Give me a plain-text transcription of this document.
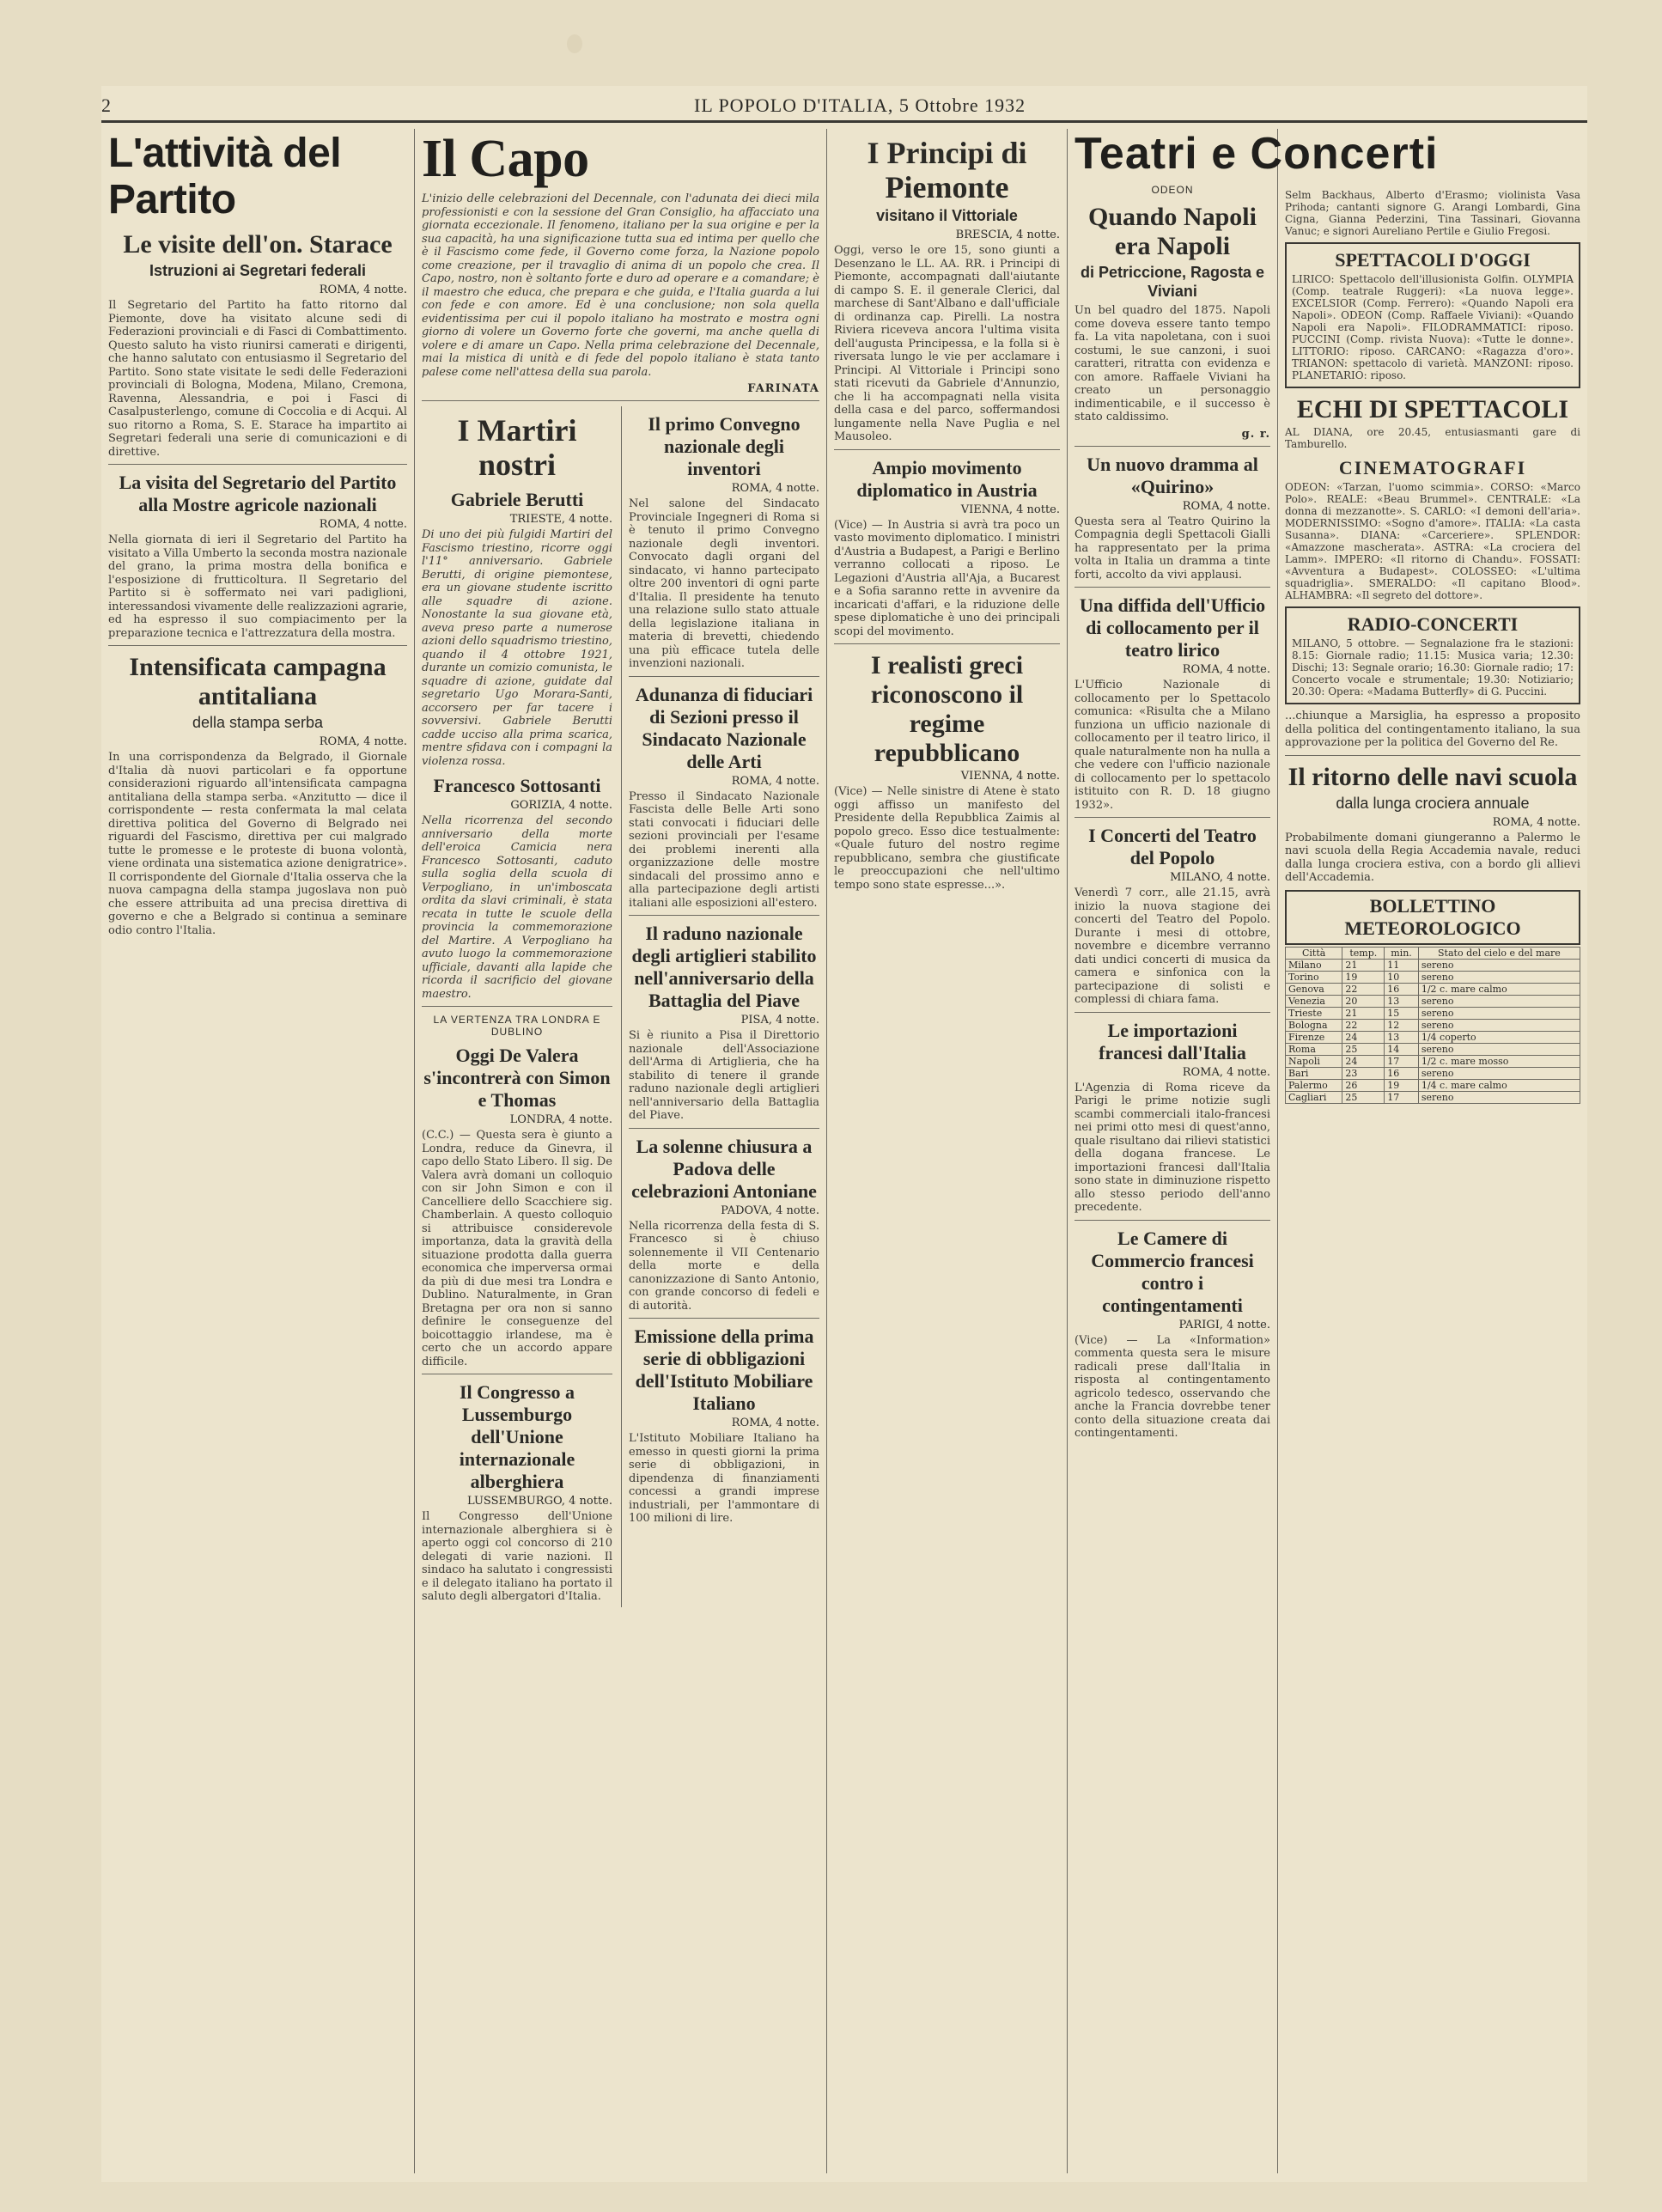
2	IL POPOLO D'ITALIA, 5 Ottobre 1932
L'attività del Partito
Le visite dell'on. Starace
Istruzioni ai Segretari federali
ROMA, 4 notte.

Il Segretario del Partito ha fatto ritorno dal Piemonte, dove ha visitato alcune sedi di Federazioni provinciali e di Fasci di Combattimento. Questo saluto ha visto riunirsi camerati e dirigenti, che hanno salutato con entusiasmo il Segretario del Partito. Sono state visitate le sedi delle Federazioni provinciali di Bologna, Modena, Milano, Cremona, Ravenna, Alessandria, e poi i Fasci di Casalpusterlengo, comune di Coccolia e di Acqui. Al suo ritorno a Roma, S. E. Starace ha impartito ai Segretari federali una serie di comunicazioni e di direttive.

La visita del Segretario del Partito alla Mostre agricole nazionali
ROMA, 4 notte.

Nella giornata di ieri il Segretario del Partito ha visitato a Villa Umberto la seconda mostra nazionale del grano, la prima mostra della bonifica e l'esposizione di frutticoltura. Il Segretario del Partito si è soffermato nei vari padiglioni, interessandosi vivamente delle realizzazioni agrarie, ed ha espresso il suo compiacimento per la preparazione tecnica e l'attrezzatura della mostra.

Intensificata campagna antitaliana
della stampa serba
ROMA, 4 notte.

In una corrispondenza da Belgrado, il Giornale d'Italia dà nuovi particolari e fa opportune considerazioni riguardo all'intensificata campagna antitaliana della stampa serba. «Anzitutto — dice il corrispondente — resta confermata la mal celata direttiva politica del Governo di Belgrado nei riguardi del Fascismo, direttiva per cui malgrado tutte le promesse e le proteste di buona volontà, viene ordinata una sistematica azione denigratrice». Il corrispondente del Giornale d'Italia osserva che la nuova campagna della stampa jugoslava non può che essere attribuita ad una precisa direttiva di governo e che a Belgrado si continua a seminare odio contro l'Italia.

Il Capo

L'inizio delle celebrazioni del Decennale, con l'adunata dei dieci mila professionisti e con la sessione del Gran Consiglio, ha affacciato una giornata eccezionale. Il fenomeno, italiano per la sua origine e per la sua capacità, ha una significazione tutta sua ed intima per quello che è il Fascismo come fede, il Governo come forza, la Nazione popolo come creazione, per il travaglio di anima di un popolo che crea. Il Capo, nostro, non è soltanto forte e duro ad operare e a comandare; è il maestro che educa, che prepara e che guida, e l'Italia guarda a lui con fede e con amore. Ed è una conclusione; non sola quella evidentissima per cui il popolo italiano ha mostrato e mostra ogni giorno di volere un Governo forte che governi, ma anche quella di volere e di amare un Capo. Nella prima celebrazione del Decennale, mai la mistica di unità e di fede del popolo italiano è stata tanto palese come nell'attesa della sua parola.

FARINATA
I Martiri nostri
Gabriele Berutti
TRIESTE, 4 notte.

Di uno dei più fulgidi Martiri del Fascismo triestino, ricorre oggi l'11° anniversario. Gabriele Berutti, di origine piemontese, era un giovane studente iscritto alle squadre di azione. Nonostante la sua giovane età, aveva preso parte a numerose azioni dello squadrismo triestino, quando il 4 ottobre 1921, durante un comizio comunista, le squadre di azione, guidate dal segretario Ugo Morara-Santi, accorsero per far tacere i sovversivi. Gabriele Berutti cadde ucciso alla prima scarica, mentre sfidava con i compagni la violenza rossa.

Francesco Sottosanti
GORIZIA, 4 notte.

Nella ricorrenza del secondo anniversario della morte dell'eroica Camicia nera Francesco Sottosanti, caduto sulla soglia della scuola di Verpogliano, in un'imboscata ordita da slavi criminali, è stata recata in tutte le scuole della provincia la commemorazione del Martire. A Verpogliano ha avuto luogo la commemorazione ufficiale, davanti alla lapide che ricorda il sacrificio del giovane maestro.

LA VERTENZA TRA LONDRA E DUBLINO
Oggi De Valera s'incontrerà con Simon e Thomas
LONDRA, 4 notte.

(C.C.) — Questa sera è giunto a Londra, reduce da Ginevra, il capo dello Stato Libero. Il sig. De Valera avrà domani un colloquio con sir John Simon e con il Cancelliere dello Scacchiere sig. Chamberlain. A questo colloquio si attribuisce considerevole importanza, data la gravità della situazione prodotta dalla guerra economica che imperversa ormai da più di due mesi tra Londra e Dublino. Naturalmente, in Gran Bretagna per ora non si sanno definire le conseguenze del boicottaggio irlandese, ma è certo che un accordo appare difficile.

Il Congresso a Lussemburgo dell'Unione internazionale alberghiera
LUSSEMBURGO, 4 notte.

Il Congresso dell'Unione internazionale alberghiera si è aperto oggi col concorso di 210 delegati di varie nazioni. Il sindaco ha salutato i congressisti e il delegato italiano ha portato il saluto degli albergatori d'Italia.

Il primo Convegno nazionale degli inventori
ROMA, 4 notte.

Nel salone del Sindacato Provinciale Ingegneri di Roma si è tenuto il primo Convegno nazionale degli inventori. Convocato dagli organi del sindacato, vi hanno partecipato oltre 200 inventori di ogni parte d'Italia. Il presidente ha tenuto una relazione sullo stato attuale della legislazione italiana in materia di brevetti, chiedendo una più efficace tutela delle invenzioni nazionali.

Adunanza di fiduciari di Sezioni presso il Sindacato Nazionale delle Arti
ROMA, 4 notte.

Presso il Sindacato Nazionale Fascista delle Belle Arti sono stati convocati i fiduciari delle sezioni provinciali per l'esame dei problemi inerenti alla organizzazione delle mostre sindacali del prossimo anno e alla partecipazione degli artisti italiani alle esposizioni all'estero.

Il raduno nazionale degli artiglieri stabilito nell'anniversario della Battaglia del Piave
PISA, 4 notte.

Si è riunito a Pisa il Direttorio nazionale dell'Associazione dell'Arma di Artiglieria, che ha stabilito di tenere il grande raduno nazionale degli artiglieri nell'anniversario della Battaglia del Piave.

La solenne chiusura a Padova delle celebrazioni Antoniane
PADOVA, 4 notte.

Nella ricorrenza della festa di S. Francesco si è chiuso solennemente il VII Centenario della morte e della canonizzazione di Santo Antonio, con grande concorso di fedeli e di autorità.

Emissione della prima serie di obbligazioni dell'Istituto Mobiliare Italiano
ROMA, 4 notte.

L'Istituto Mobiliare Italiano ha emesso in questi giorni la prima serie di obbligazioni, in dipendenza di finanziamenti concessi a grandi imprese industriali, per l'ammontare di 100 milioni di lire.

I Principi di Piemonte
visitano il Vittoriale
BRESCIA, 4 notte.

Oggi, verso le ore 15, sono giunti a Desenzano le LL. AA. RR. i Principi di Piemonte, accompagnati dall'aiutante di campo S. E. il generale Clerici, dal marchese di Sant'Albano e dall'ufficiale di ordinanza cap. Pirelli. La nostra Riviera riceveva ancora l'ultima visita dell'augusta Principessa, e la folla si è riversata lungo le vie per acclamare i Principi. Al Vittoriale i Principi sono stati ricevuti da Gabriele d'Annunzio, che li ha accompagnati nella visita della casa e del parco, soffermandosi lungamente nella Nave Puglia e nel Mausoleo.

Ampio movimento diplomatico in Austria
VIENNA, 4 notte.

(Vice) — In Austria si avrà tra poco un vasto movimento diplomatico. I ministri d'Austria a Budapest, a Parigi e Berlino verranno collocati a riposo. Le Legazioni d'Austria all'Aja, a Bucarest e a Sofia saranno rette in avvenire da incaricati d'affari, e la riduzione delle spese diplomatiche è uno dei principali scopi del movimento.

I realisti greci riconoscono il regime repubblicano
VIENNA, 4 notte.

(Vice) — Nelle sinistre di Atene è stato oggi affisso un manifesto del Presidente della Repubblica Zaimis al popolo greco. Esso dice testualmente: «Quale futuro del nostro regime repubblicano, sembra che giustificate le preoccupazioni che nell'ultimo tempo sono state espresse...».

Teatri e Concerti
ODEON
Quando Napoli era Napoli
di Petriccione, Ragosta e Viviani

Un bel quadro del 1875. Napoli come doveva essere tanto tempo fa. La vita napoletana, con i suoi costumi, le sue canzoni, i suoi caratteri, ritratta con evidenza e con amore. Raffaele Viviani ha creato un personaggio indimenticabile, e il successo è stato caldissimo.

g. r.
Un nuovo dramma al «Quirino»
ROMA, 4 notte.

Questa sera al Teatro Quirino la Compagnia degli Spettacoli Gialli ha rappresentato per la prima volta in Italia un dramma a tinte forti, accolto da vivi applausi.

Una diffida dell'Ufficio di collocamento per il teatro lirico
ROMA, 4 notte.

L'Ufficio Nazionale di collocamento per lo Spettacolo comunica: «Risulta che a Milano funziona un ufficio nazionale di collocamento per il teatro lirico, il quale naturalmente non ha nulla a che vedere con l'ufficio nazionale di collocamento per lo spettacolo istituito con R. D. 18 giugno 1932».

I Concerti del Teatro del Popolo
MILANO, 4 notte.

Venerdì 7 corr., alle 21.15, avrà inizio la nuova stagione dei concerti del Teatro del Popolo. Durante i mesi di ottobre, novembre e dicembre verranno dati undici concerti di musica da camera e sinfonica con la partecipazione di solisti e complessi di chiara fama.

Le importazioni francesi dall'Italia
ROMA, 4 notte.

L'Agenzia di Roma riceve da Parigi le prime notizie sugli scambi commerciali italo-francesi nei primi otto mesi di quest'anno, quale risultano dai rilievi statistici della dogana francese. Le importazioni francesi dall'Italia sono state in diminuzione rispetto allo stesso periodo dell'anno precedente.

Le Camere di Commercio francesi contro i contingentamenti
PARIGI, 4 notte.

(Vice) — La «Information» commenta questa sera le misure radicali prese dall'Italia in risposta al contingentamento agricolo tedesco, osservando che anche la Francia dovrebbe tener conto della situazione creata dai contingentamenti.

Selm Backhaus, Alberto d'Erasmo; violinista Vasa Prihoda; cantanti signore G. Arangi Lombardi, Gina Cigna, Gianna Pederzini, Tina Tassinari, Giovanna Vanuc; e signori Aureliano Pertile e Giulio Fregosi.

SPETTACOLI D'OGGI

LIRICO: Spettacolo dell'illusionista Golfin. OLYMPIA (Comp. teatrale Ruggeri): «La nuova legge». EXCELSIOR (Comp. Ferrero): «Quando Napoli era Napoli». ODEON (Comp. Raffaele Viviani): «Quando Napoli era Napoli». FILODRAMMATICI: riposo. PUCCINI (Comp. rivista Nuova): «Tutte le donne». LITTORIO: riposo. CARCANO: «Ragazza d'oro». TRIANON: spettacolo di varietà. MANZONI: riposo. PLANETARIO: riposo.

ECHI DI SPETTACOLI

AL DIANA, ore 20.45, entusiasmanti gare di Tamburello.

CINEMATOGRAFI

ODEON: «Tarzan, l'uomo scimmia». CORSO: «Marco Polo». REALE: «Beau Brummel». CENTRALE: «La donna di mezzanotte». S. CARLO: «I demoni dell'aria». MODERNISSIMO: «Sogno d'amore». ITALIA: «La casta Susanna». DIANA: «Carceriere». SPLENDOR: «Amazzone mascherata». ASTRA: «La crociera del Lamm». IMPERO: «Il ritorno di Chandu». FOSSATI: «Avventura a Budapest». COLOSSEO: «L'ultima squadriglia». SMERALDO: «Il capitano Blood». ALHAMBRA: «Il segreto del dottore».

RADIO-CONCERTI

MILANO, 5 ottobre. — Segnalazione fra le stazioni: 8.15: Giornale radio; 11.15: Musica varia; 12.30: Dischi; 13: Segnale orario; 16.30: Giornale radio; 17: Concerto vocale e strumentale; 19.30: Notiziario; 20.30: Opera: «Madama Butterfly» di G. Puccini.

...chiunque a Marsiglia, ha espresso a proposito della politica del contingentamento italiano, la sua approvazione per la politica del Governo del Re.

Il ritorno delle navi scuola
dalla lunga crociera annuale
ROMA, 4 notte.

Probabilmente domani giungeranno a Palermo le navi scuola della Regia Accademia navale, reduci dalla lunga crociera estiva, con a bordo gli allievi dell'Accademia.

BOLLETTINO METEOROLOGICO
Città	temp.	min.	Stato del cielo e del mare
Milano	21	11	sereno
Torino	19	10	sereno
Genova	22	16	1/2 c. mare calmo
Venezia	20	13	sereno
Trieste	21	15	sereno
Bologna	22	12	sereno
Firenze	24	13	1/4 coperto
Roma	25	14	sereno
Napoli	24	17	1/2 c. mare mosso
Bari	23	16	sereno
Palermo	26	19	1/4 c. mare calmo
Cagliari	25	17	sereno
